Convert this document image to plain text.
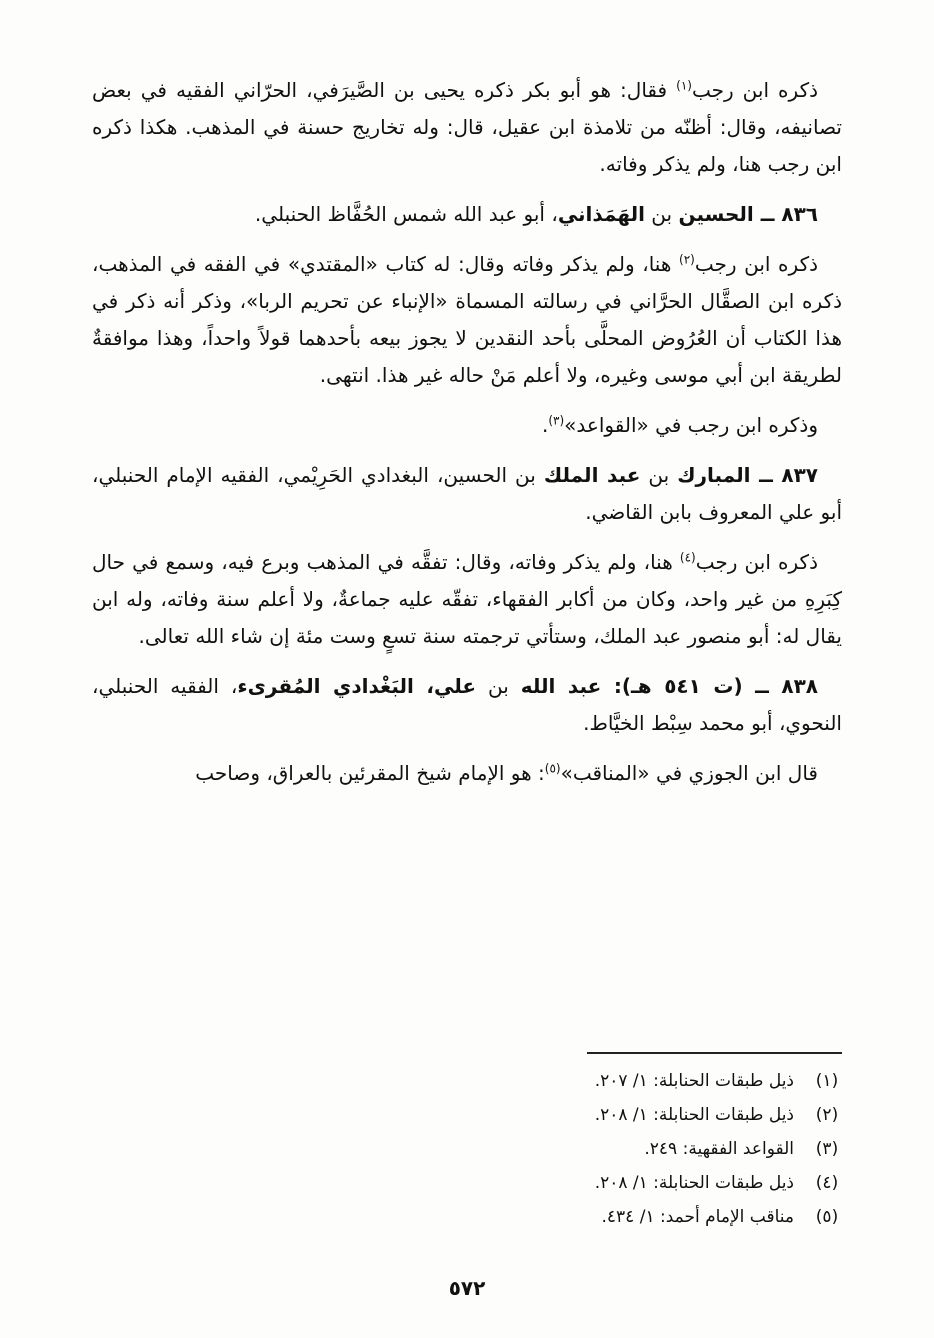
ذكره ابن رجب$^{(١)}$ فقال: هو أبو بكر ذكره يحيى بن الصَّيرَفي، الحرّاني الفقيه في بعض تصانيفه، وقال: أظنّه من تلامذة ابن عقيل، قال: وله تخاريج حسنة في المذهب. هكذا ذكره ابن رجب هنا، ولم يذكر وفاته.

٨٣٦ ــ الحسين بن الهَمَذاني، أبو عبد الله شمس الحُفَّاظ الحنبلي.

ذكره ابن رجب$^{(٢)}$ هنا، ولم يذكر وفاته وقال: له كتاب «المقتدي» في الفقه في المذهب، ذكره ابن الصقَّال الحرَّاني في رسالته المسماة «الإنباء عن تحريم الربا»، وذكر أنه ذكر في هذا الكتاب أن العُرُوض المحلَّى بأحد النقدين لا يجوز بيعه بأحدهما قولاً واحداً، وهذا موافقةٌ لطريقة ابن أبي موسى وغيره، ولا أعلم مَنْ حاله غير هذا. انتهى.

وذكره ابن رجب في «القواعد»$^{(٣)}$.

٨٣٧ ــ المبارك بن عبد الملك بن الحسين، البغدادي الحَرِيْمي، الفقيه الإمام الحنبلي، أبو علي المعروف بابن القاضي.

ذكره ابن رجب$^{(٤)}$ هنا، ولم يذكر وفاته، وقال: تفقَّه في المذهب وبرع فيه، وسمع في حال كِبَرِهِ من غير واحد، وكان من أكابر الفقهاء، تفقّه عليه جماعةٌ، ولا أعلم سنة وفاته، وله ابن يقال له: أبو منصور عبد الملك، وستأتي ترجمته سنة تسعٍ وست مئة إن شاء الله تعالى.

٨٣٨ ــ (ت ٥٤١ هـ): عبد الله بن علي، البَغْدادي المُقرىء، الفقيه الحنبلي، النحوي، أبو محمد سِبْط الخيَّاط.

قال ابن الجوزي في «المناقب»$^{(٥)}$: هو الإمام شيخ المقرئين بالعراق، وصاحب

(١)
ذيل طبقات الحنابلة: ١/ ٢٠٧.
(٢)
ذيل طبقات الحنابلة: ١/ ٢٠٨.
(٣)
القواعد الفقهية: ٢٤٩.
(٤)
ذيل طبقات الحنابلة: ١/ ٢٠٨.
(٥)
مناقب الإمام أحمد: ١/ ٤٣٤.
٥٧٢
